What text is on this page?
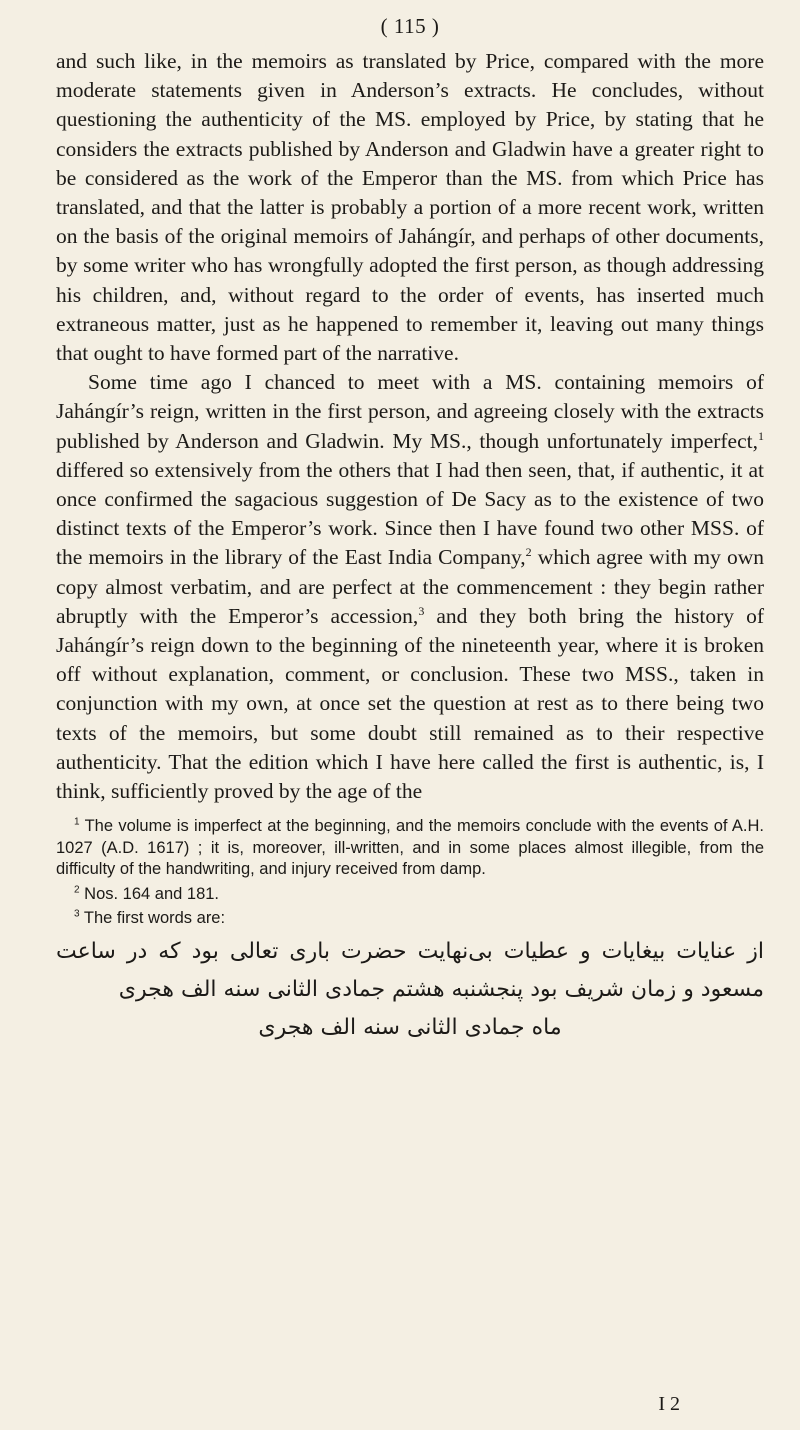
( 115 )

and such like, in the memoirs as translated by Price, compared with the more moderate statements given in Anderson’s extracts. He concludes, without questioning the authenticity of the MS. employed by Price, by stating that he considers the extracts published by Anderson and Gladwin have a greater right to be considered as the work of the Emperor than the MS. from which Price has translated, and that the latter is probably a portion of a more recent work, written on the basis of the original memoirs of Jahángír, and perhaps of other documents, by some writer who has wrongfully adopted the first person, as though addressing his children, and, without regard to the order of events, has inserted much extraneous matter, just as he happened to remember it, leaving out many things that ought to have formed part of the narrative.

Some time ago I chanced to meet with a MS. containing memoirs of Jahángír’s reign, written in the first person, and agreeing closely with the extracts published by Anderson and Gladwin. My MS., though unfortunately imperfect,$^1$ differed so extensively from the others that I had then seen, that, if authentic, it at once confirmed the sagacious suggestion of De Sacy as to the existence of two distinct texts of the Emperor’s work. Since then I have found two other MSS. of the memoirs in the library of the East India Company,$^2$ which agree with my own copy almost verbatim, and are perfect at the commencement : they begin rather abruptly with the Emperor’s accession,$^3$ and they both bring the history of Jahángír’s reign down to the beginning of the nineteenth year, where it is broken off without explanation, comment, or conclusion. These two MSS., taken in conjunction with my own, at once set the question at rest as to there being two texts of the memoirs, but some doubt still remained as to their respective authenticity. That the edition which I have here called the first is authentic, is, I think, sufficiently proved by the age of the

$^1$ The volume is imperfect at the beginning, and the memoirs conclude with the events of A.H. 1027 (A.D. 1617) ; it is, moreover, ill-written, and in some places almost illegible, from the difficulty of the handwriting, and injury received from damp.

$^2$ Nos. 164 and 181.

$^3$ The first words are:

از عنایات بیغایات و عطیات بی‌نهایت حضرت باری تعالی بود که در ساعت مسعود و زمان شریف بود پنجشنبه هشتم جمادی الثانی سنه الف هجری
ماه جمادی الثانی سنه الف هجری
I 2
